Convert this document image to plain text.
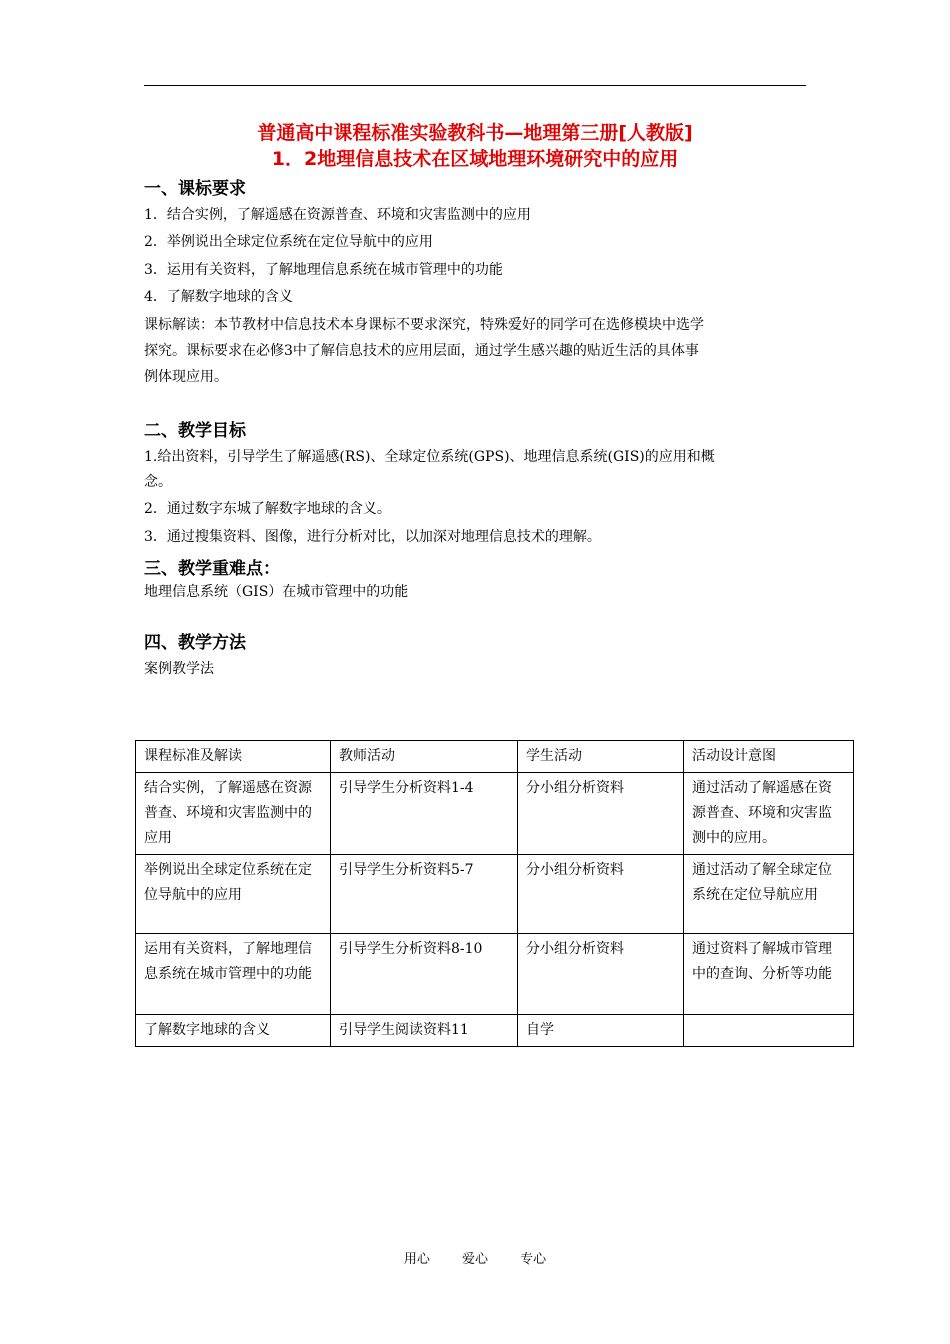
普通高中课程标准实验教科书—地理第三册[人教版]
1．2地理信息技术在区域地理环境研究中的应用
一、课标要求
1．结合实例，了解遥感在资源普查、环境和灾害监测中的应用
2．举例说出全球定位系统在定位导航中的应用
3．运用有关资料，了解地理信息系统在城市管理中的功能
4．了解数字地球的含义
课标解读：本节教材中信息技术本身课标不要求深究，特殊爱好的同学可在选修模块中选学
探究。课标要求在必修3中了解信息技术的应用层面，通过学生感兴趣的贴近生活的具体事
例体现应用。
二、教学目标
1.给出资料，引导学生了解遥感(RS)、全球定位系统(GPS)、地理信息系统(GIS)的应用和概
念。
2．通过数字东城了解数字地球的含义。
3．通过搜集资料、图像，进行分析对比，以加深对地理信息技术的理解。
三、教学重难点：
地理信息系统（GIS）在城市管理中的功能
四、教学方法
案例教学法
课程标准及解读	教师活动	学生活动	活动设计意图
结合实例，了解遥感在资源普查、环境和灾害监测中的应用	引导学生分析资料1-4	分小组分析资料	通过活动了解遥感在资源普查、环境和灾害监测中的应用。
举例说出全球定位系统在定位导航中的应用	引导学生分析资料5-7	分小组分析资料	通过活动了解全球定位系统在定位导航应用
运用有关资料，了解地理信息系统在城市管理中的功能	引导学生分析资料8-10	分小组分析资料	通过资料了解城市管理中的查询、分析等功能
了解数字地球的含义	引导学生阅读资料11	自学	
用心 爱心 专心
